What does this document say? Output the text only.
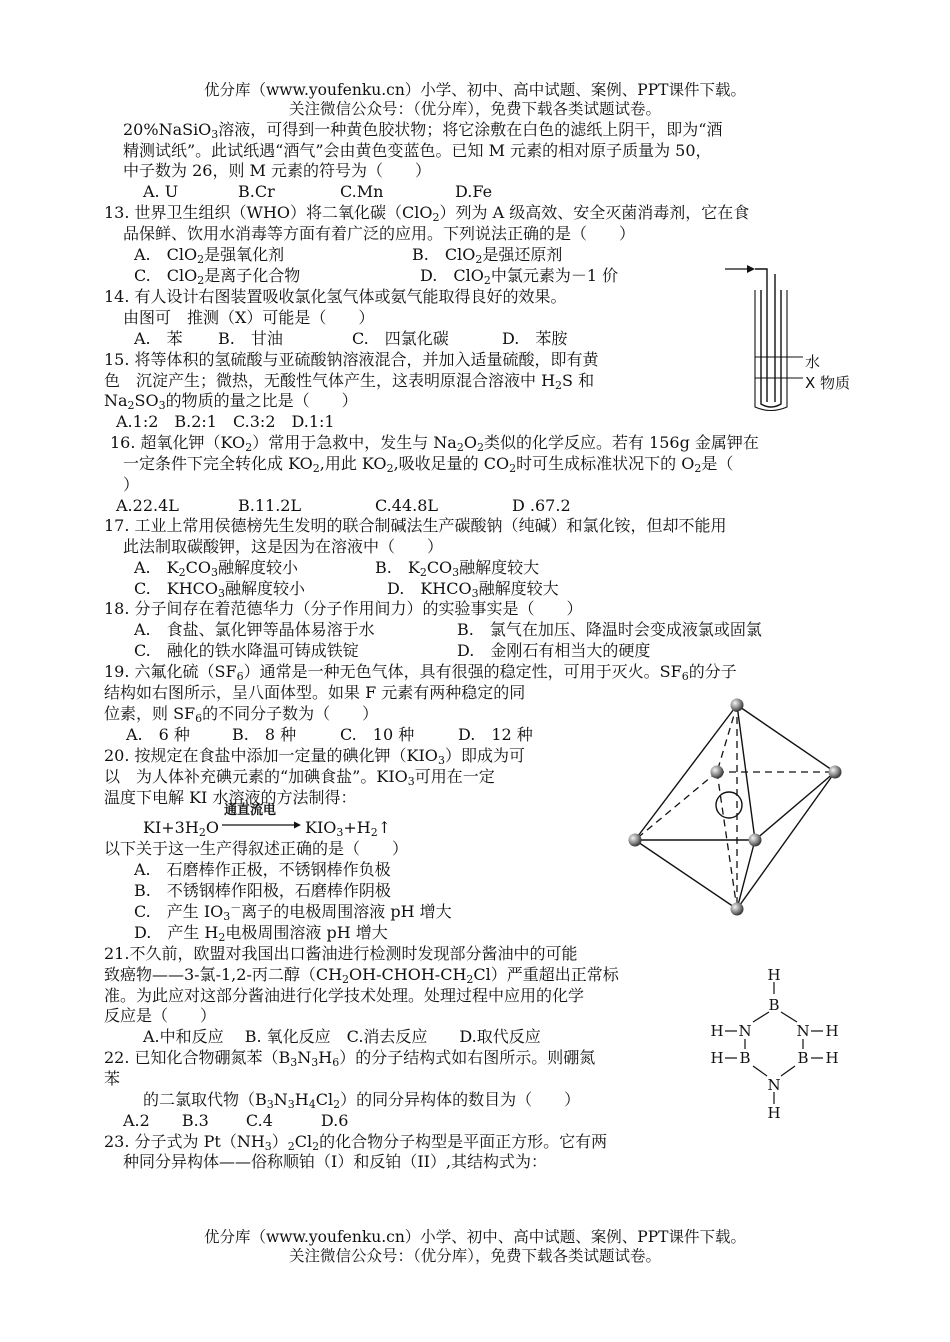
优分库（www.youfenku.cn）小学、初中、高中试题、案例、PPT课件下载。
关注微信公众号：（优分库），免费下载各类试题试卷。
20%NaSiO$_3$溶液，可得到一种黄色胶状物；将它涂敷在白色的滤纸上阴干，即为“酒
精测试纸”。此试纸遇“酒气”会由黄色变蓝色。已知 M 元素的相对原子质量为 50，
中子数为 26，则 M 元素的符号为（　　）
A. U	B.Cr	C.Mn	D.Fe
13. 世界卫生组织（WHO）将二氧化碳（ClO$_2$）列为 A 级高效、安全灭菌消毒剂，它在食
品保鲜、饮用水消毒等方面有着广泛的应用。下列说法正确的是（　　）
A.　ClO$_2$是强氧化剂	B.　ClO$_2$是强还原剂
C.　ClO$_2$是离子化合物	D.　ClO$_2$中氯元素为－1 价
14. 有人设计右图装置吸收氯化氢气体或氨气能取得良好的效果。
由图可　推测（X）可能是（　　）
A.　苯 B.　甘油	C.　四氯化碳	D.　苯胺
水
X 物质
15. 将等体积的氢硫酸与亚硫酸钠溶液混合，并加入适量硫酸，即有黄
色　沉淀产生；微热，无酸性气体产生，这表明原混合溶液中 $H_2S$ 和
$Na_2SO_3$的物质的量之比是（　　）
A.1:2　B.2:1　C.3:2　D.1:1
16. 超氧化钾$(KO_2)$常用于急救中，发生与 $Na_2O_2$类似的化学反应。若有 156g 金属钾在
一定条件下完全转化成 $KO_2$,用此 $KO_2$,吸收足量的 $CO_2$时可生成标准状况下的 $O_2$是（
）
A.22.4L	B.11.2L	C.44.8L	D .67.2
17. 工业上常用侯德榜先生发明的联合制碱法生产碳酸钠（纯碱）和氯化铵，但却不能用
此法制取碳酸钾，这是因为在溶液中（　　）
A.　$K_2CO_3$融解度较小	B.　$K_2CO_3$融解度较大
C.　$KHCO_3$融解度较小	D.　$KHCO_3$融解度较大
18. 分子间存在着范德华力（分子作用间力）的实验事实是（　　）
A.　食盐、氯化钾等晶体易溶于水	B.　氯气在加压、降温时会变成液氯或固氯
C.　融化的铁水降温可铸成铁锭	D.　金刚石有相当大的硬度
19. 六氟化硫$(SF_6)$通常是一种无色气体，具有很强的稳定性，可用于灭火。$SF_6$的分子
结构如右图所示，呈八面体型。如果 F 元素有两种稳定的同
位素，则 $SF_6$的不同分子数为（　　）
A.　6 种	B.　8 种	C.　10 种	D.　12 种
20. 按规定在食盐中添加一定量的碘化钾$(KIO_3)$即成为可
以　为人体补充碘元素的“加碘食盐”。$KIO_3$可用在一定
温度下电解 KI 水溶液的方法制得：
$KI+3H_2O$
通直流电
$KIO_3+H_2↑$
以下关于这一生产得叙述正确的是（　　）
A.　石磨棒作正极，不锈钢棒作负极
B.　不锈钢棒作阳极，石磨棒作阴极
C.　产生 $IO_3^-$离子的电极周围溶液 pH 增大
D.　产生 $H_2$电极周围溶液 pH 增大
21.不久前，欧盟对我国出口酱油进行检测时发现部分酱油中的可能
致癌物——3-氯-1,2-丙二醇$(CH_2OH-CHOH-CH_2Cl)$严重超出正常标
准。为此应对这部分酱油进行化学技术处理。处理过程中应用的化学
反应是（　　）
A.中和反应　 B. 氧化反应　C.消去反应　　D.取代反应
22. 已知化合物硼氮苯$(B_3N_3H_6)$的分子结构式如右图所示。则硼氮
苯
的二氯取代物$(B_3N_3H_4Cl_2)$的同分异构体的数目为（　　）
A.2　　B.3　　 C.4　　　D.6
H
B
H N	N H
H B	B H
N
H
23. 分子式为 $Pt(NH_3)_2Cl_2$的化合物分子构型是平面正方形。它有两
种同分异构体——俗称顺铂（I）和反铂（II）,其结构式为：
优分库（www.youfenku.cn）小学、初中、高中试题、案例、PPT课件下载。
关注微信公众号：（优分库），免费下载各类试题试卷。
